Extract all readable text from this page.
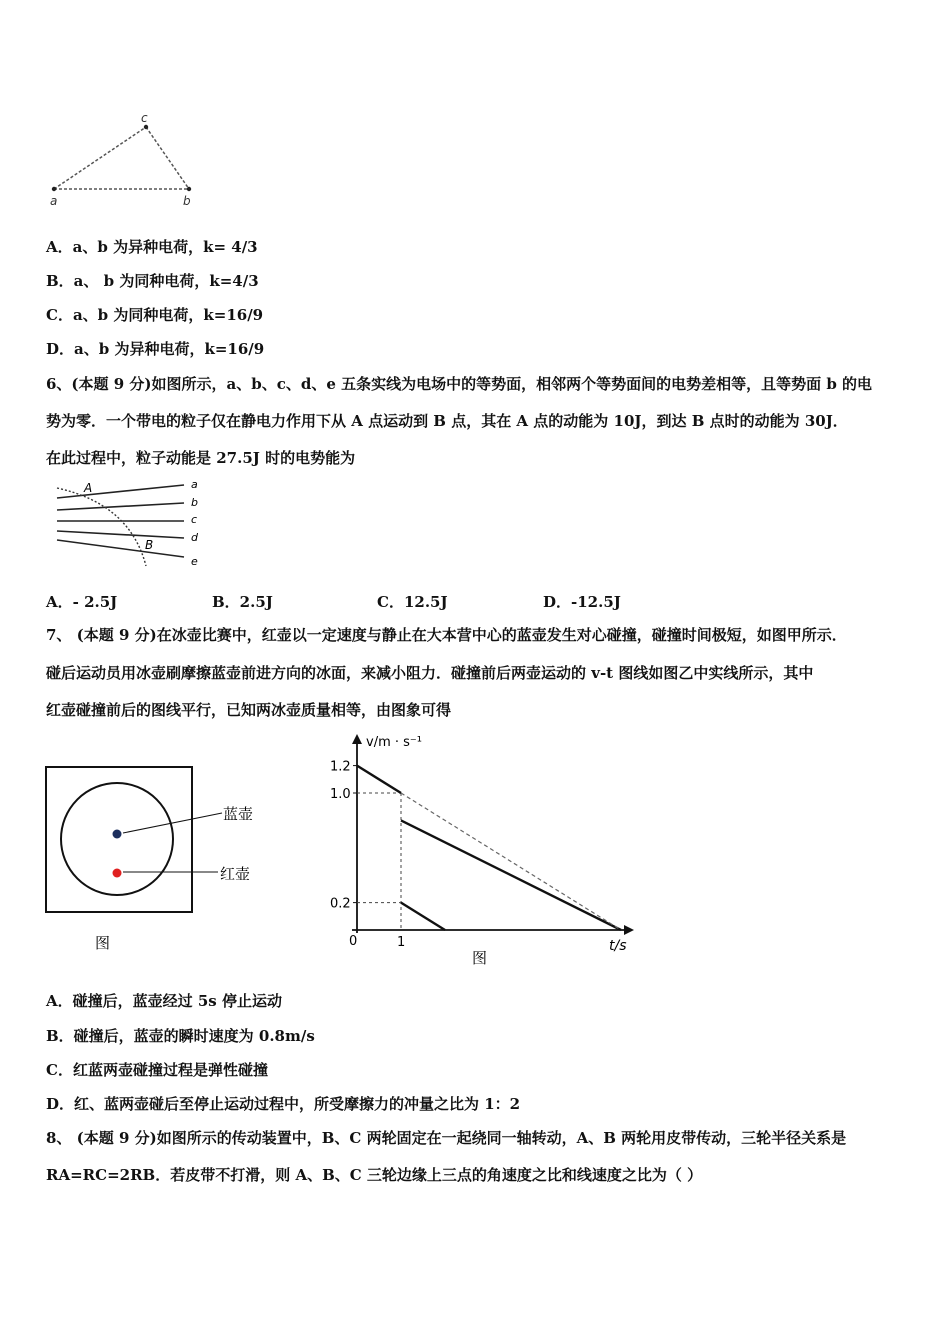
a	b
c
A．a、b 为异种电荷，k= 4/3
B．a、 b 为同种电荷，k=4/3
C．a、b 为同种电荷，k=16/9
D．a、b 为异种电荷，k=16/9
6、(本题 9 分)如图所示，a、b、c、d、e 五条实线为电场中的等势面，相邻两个等势面间的电势差相等，且等势面 b 的电
势为零．一个带电的粒子仅在静电力作用下从 A 点运动到 B 点，其在 A 点的动能为 10J，到达 B 点时的动能为 30J．
在此过程中，粒子动能是 27.5J 时的电势能为
a
b
c
d
e
A
B
A．- 2.5J	B．2.5J	C．12.5J	D．-12.5J
7、 (本题 9 分)在冰壶比赛中，红壶以一定速度与静止在大本营中心的蓝壶发生对心碰撞，碰撞时间极短，如图甲所示．
碰后运动员用冰壶刷摩擦蓝壶前进方向的冰面，来减小阻力．碰撞前后两壶运动的 v-t 图线如图乙中实线所示，其中
红壶碰撞前后的图线平行，已知两冰壶质量相等，由图象可得
蓝壶
红壶
图
v/m · s⁻¹
t/s
0
图
0.2
1.0
1.2
1
A．碰撞后，蓝壶经过 5s 停止运动
B．碰撞后，蓝壶的瞬时速度为 0.8m/s
C．红蓝两壶碰撞过程是弹性碰撞
D．红、蓝两壶碰后至停止运动过程中，所受摩擦力的冲量之比为 1：2
8、 (本题 9 分)如图所示的传动装置中，B、C 两轮固定在一起绕同一轴转动，A、B 两轮用皮带传动，三轮半径关系是
RA=RC=2RB．若皮带不打滑，则 A、B、C 三轮边缘上三点的角速度之比和线速度之比为（ ）
